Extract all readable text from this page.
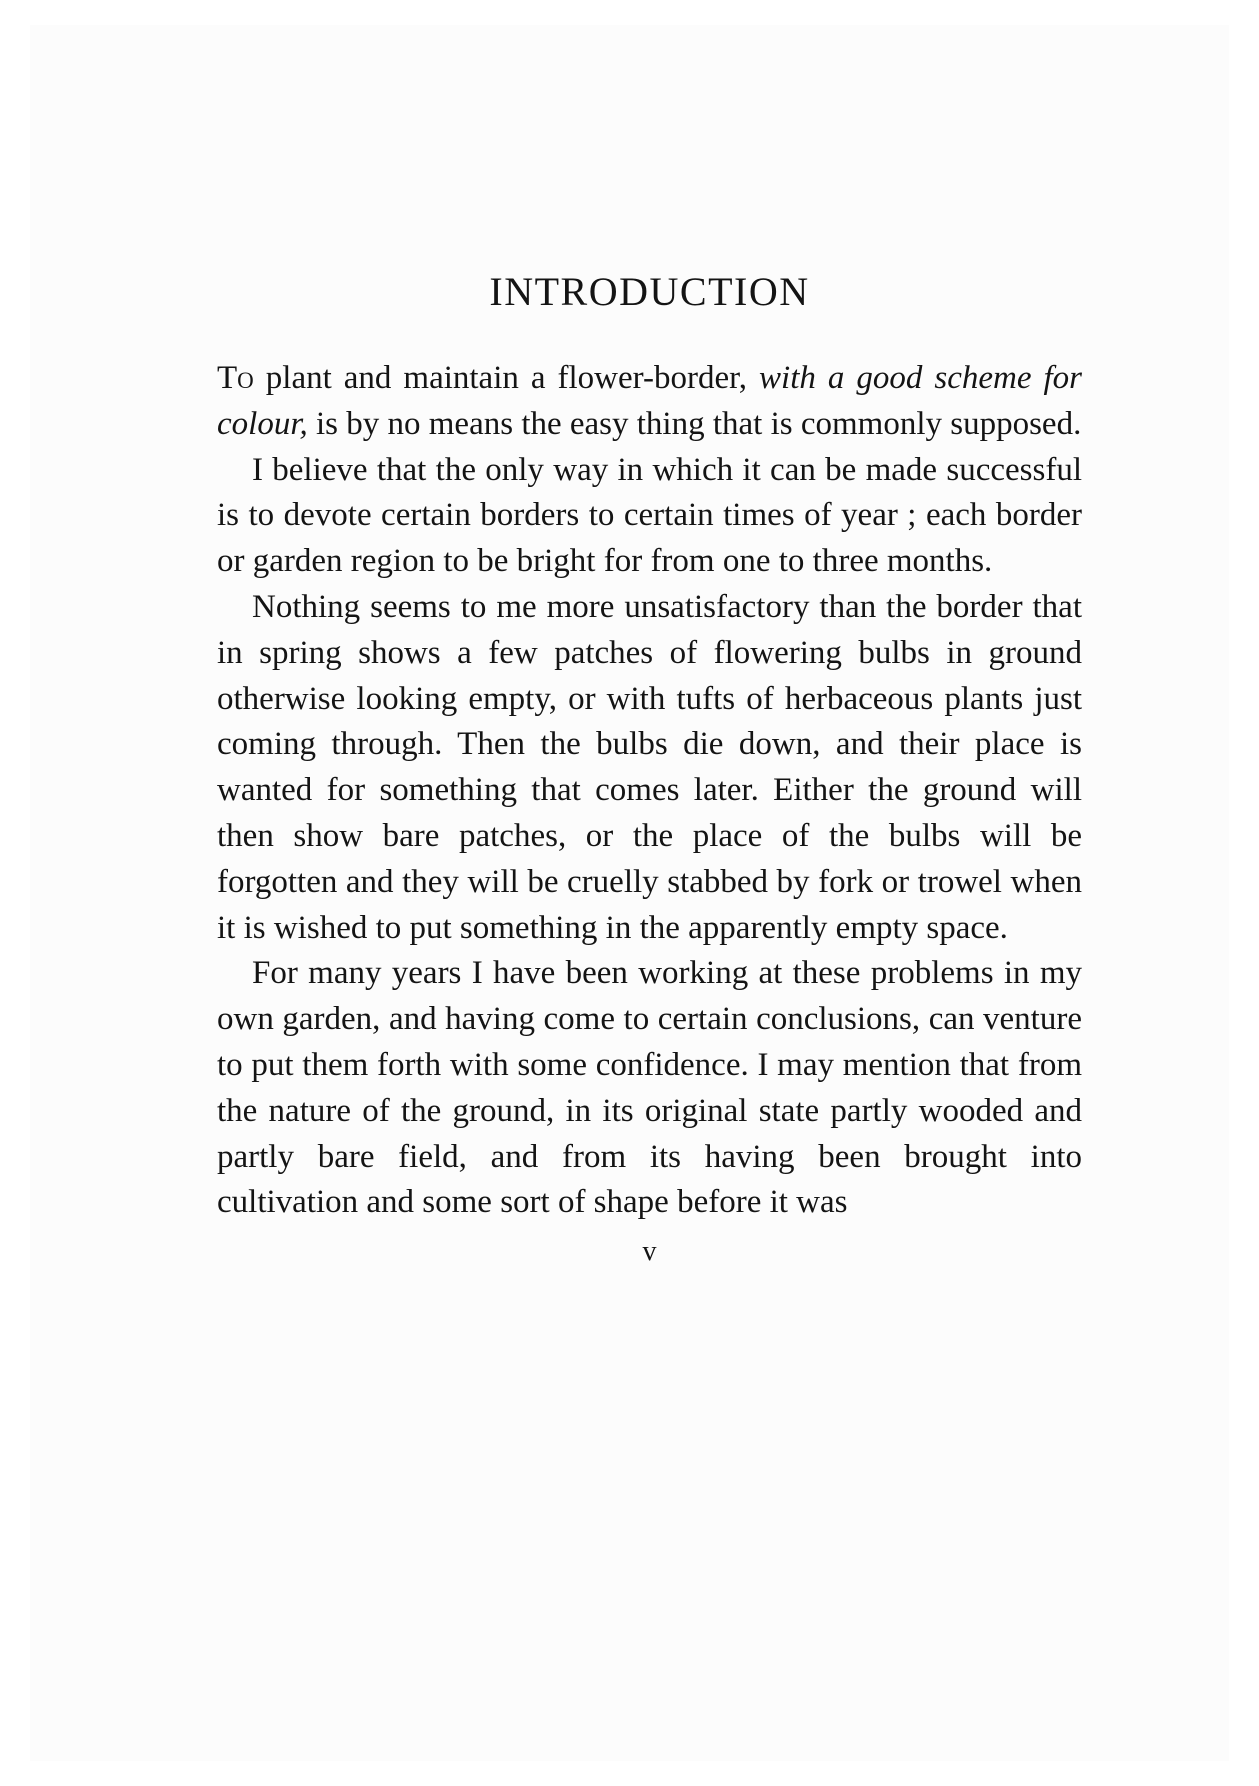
INTRODUCTION

To plant and maintain a flower-border, with a good scheme for colour, is by no means the easy thing that is commonly supposed.

I believe that the only way in which it can be made successful is to devote certain borders to certain times of year ; each border or garden region to be bright for from one to three months.

Nothing seems to me more unsatisfactory than the border that in spring shows a few patches of flowering bulbs in ground otherwise looking empty, or with tufts of herbaceous plants just coming through. Then the bulbs die down, and their place is wanted for something that comes later. Either the ground will then show bare patches, or the place of the bulbs will be forgotten and they will be cruelly stabbed by fork or trowel when it is wished to put something in the apparently empty space.

For many years I have been working at these problems in my own garden, and having come to certain conclusions, can venture to put them forth with some confidence. I may mention that from the nature of the ground, in its original state partly wooded and partly bare field, and from its having been brought into cultivation and some sort of shape before it was

v
